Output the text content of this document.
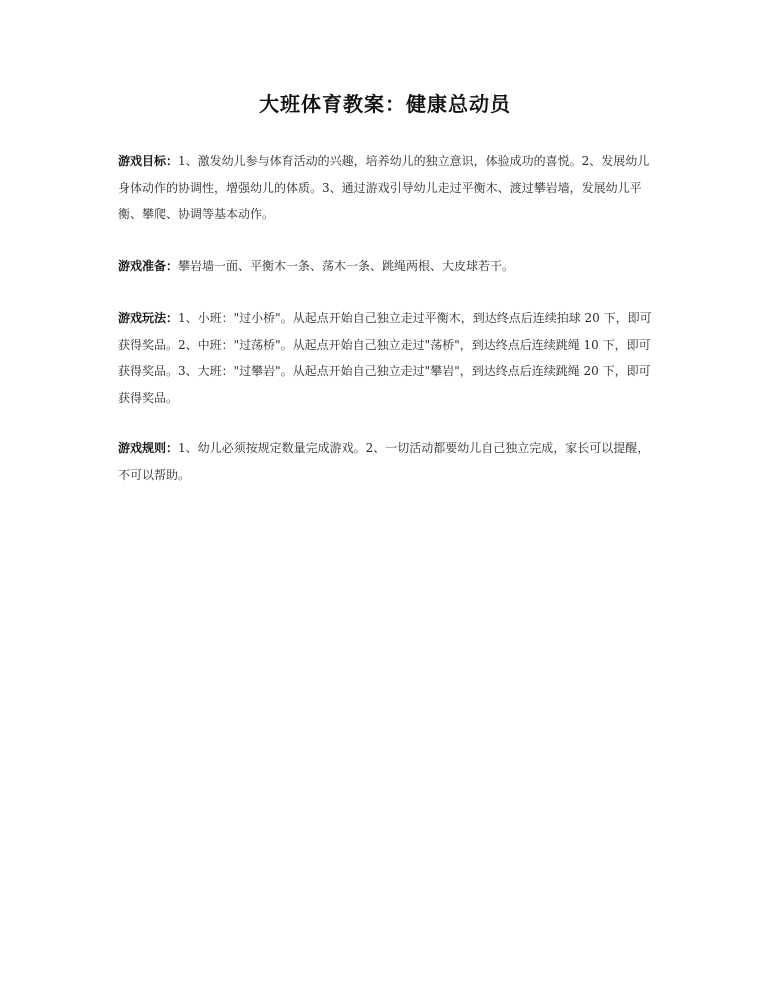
大班体育教案：健康总动员

游戏目标：1、激发幼儿参与体育活动的兴趣，培养幼儿的独立意识，体验成功的喜悦。2、发展幼儿身体动作的协调性，增强幼儿的体质。3、通过游戏引导幼儿走过平衡木、渡过攀岩墙，发展幼儿平衡、攀爬、协调等基本动作。

游戏准备：攀岩墙一面、平衡木一条、荡木一条、跳绳两根、大皮球若干。

游戏玩法：1、小班："过小桥"。从起点开始自己独立走过平衡木，到达终点后连续拍球 20 下，即可获得奖品。2、中班："过荡桥"。从起点开始自己独立走过"荡桥"，到达终点后连续跳绳 10 下，即可获得奖品。3、大班："过攀岩"。从起点开始自己独立走过"攀岩"，到达终点后连续跳绳 20 下，即可获得奖品。

游戏规则：1、幼儿必须按规定数量完成游戏。2、一切活动都要幼儿自己独立完成，家长可以提醒，不可以帮助。
